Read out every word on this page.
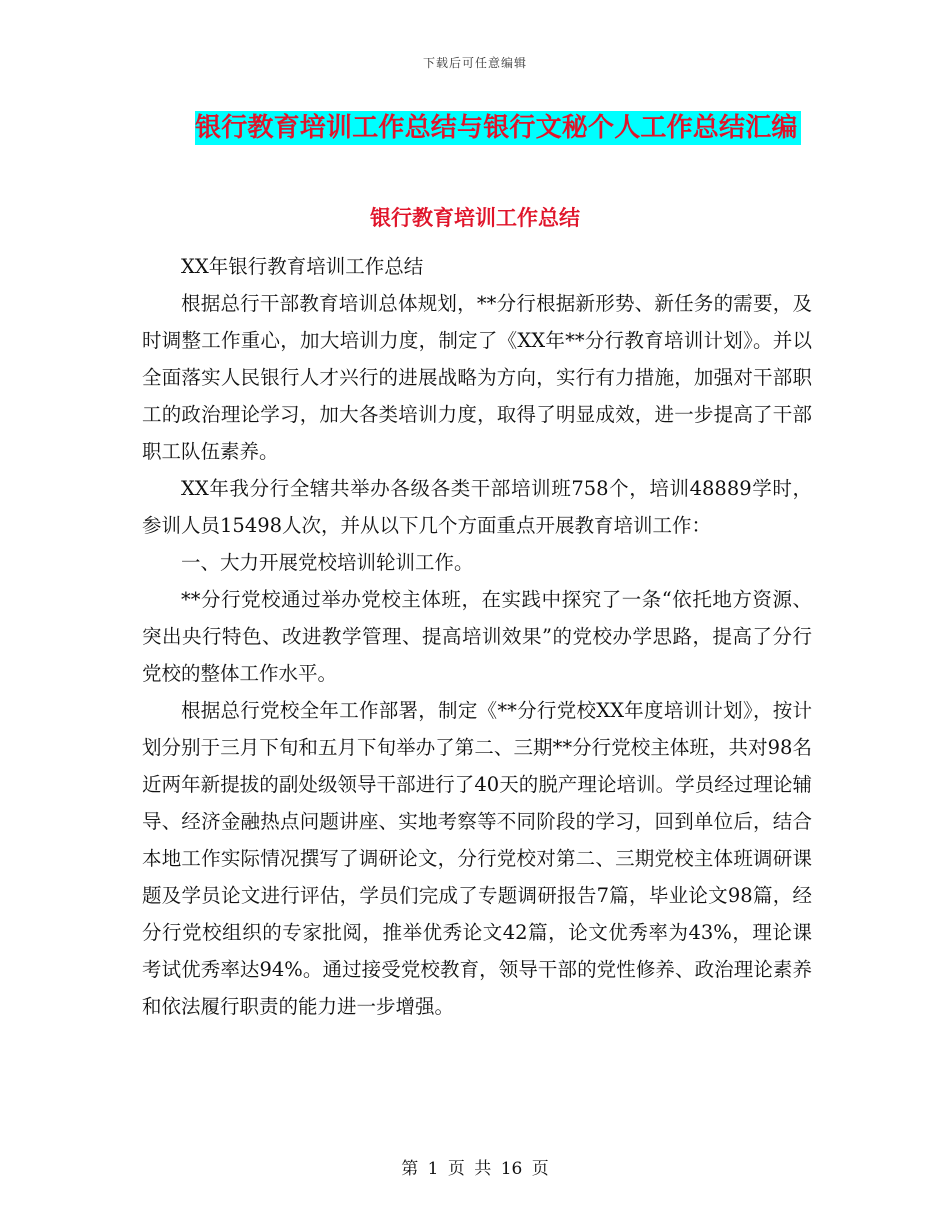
下载后可任意编辑
银行教育培训工作总结与银行文秘个人工作总结汇编
银行教育培训工作总结

XX年银行教育培训工作总结

根据总行干部教育培训总体规划，**分行根据新形势、新任务的需要，及时调整工作重心，加大培训力度，制定了《XX年**分行教育培训计划》。并以全面落实人民银行人才兴行的进展战略为方向，实行有力措施，加强对干部职工的政治理论学习，加大各类培训力度，取得了明显成效，进一步提高了干部职工队伍素养。

XX年我分行全辖共举办各级各类干部培训班758个，培训48889学时，参训人员15498人次，并从以下几个方面重点开展教育培训工作：

一、大力开展党校培训轮训工作。

**分行党校通过举办党校主体班，在实践中探究了一条“依托地方资源、突出央行特色、改进教学管理、提高培训效果”的党校办学思路，提高了分行党校的整体工作水平。

根据总行党校全年工作部署，制定《**分行党校XX年度培训计划》，按计划分别于三月下旬和五月下旬举办了第二、三期**分行党校主体班，共对98名近两年新提拔的副处级领导干部进行了40天的脱产理论培训。学员经过理论辅导、经济金融热点问题讲座、实地考察等不同阶段的学习，回到单位后，结合本地工作实际情况撰写了调研论文，分行党校对第二、三期党校主体班调研课题及学员论文进行评估，学员们完成了专题调研报告7篇，毕业论文98篇，经分行党校组织的专家批阅，推举优秀论文42篇，论文优秀率为43%，理论课考试优秀率达94%。通过接受党校教育，领导干部的党性修养、政治理论素养和依法履行职责的能力进一步增强。

第 1 页 共 16 页
